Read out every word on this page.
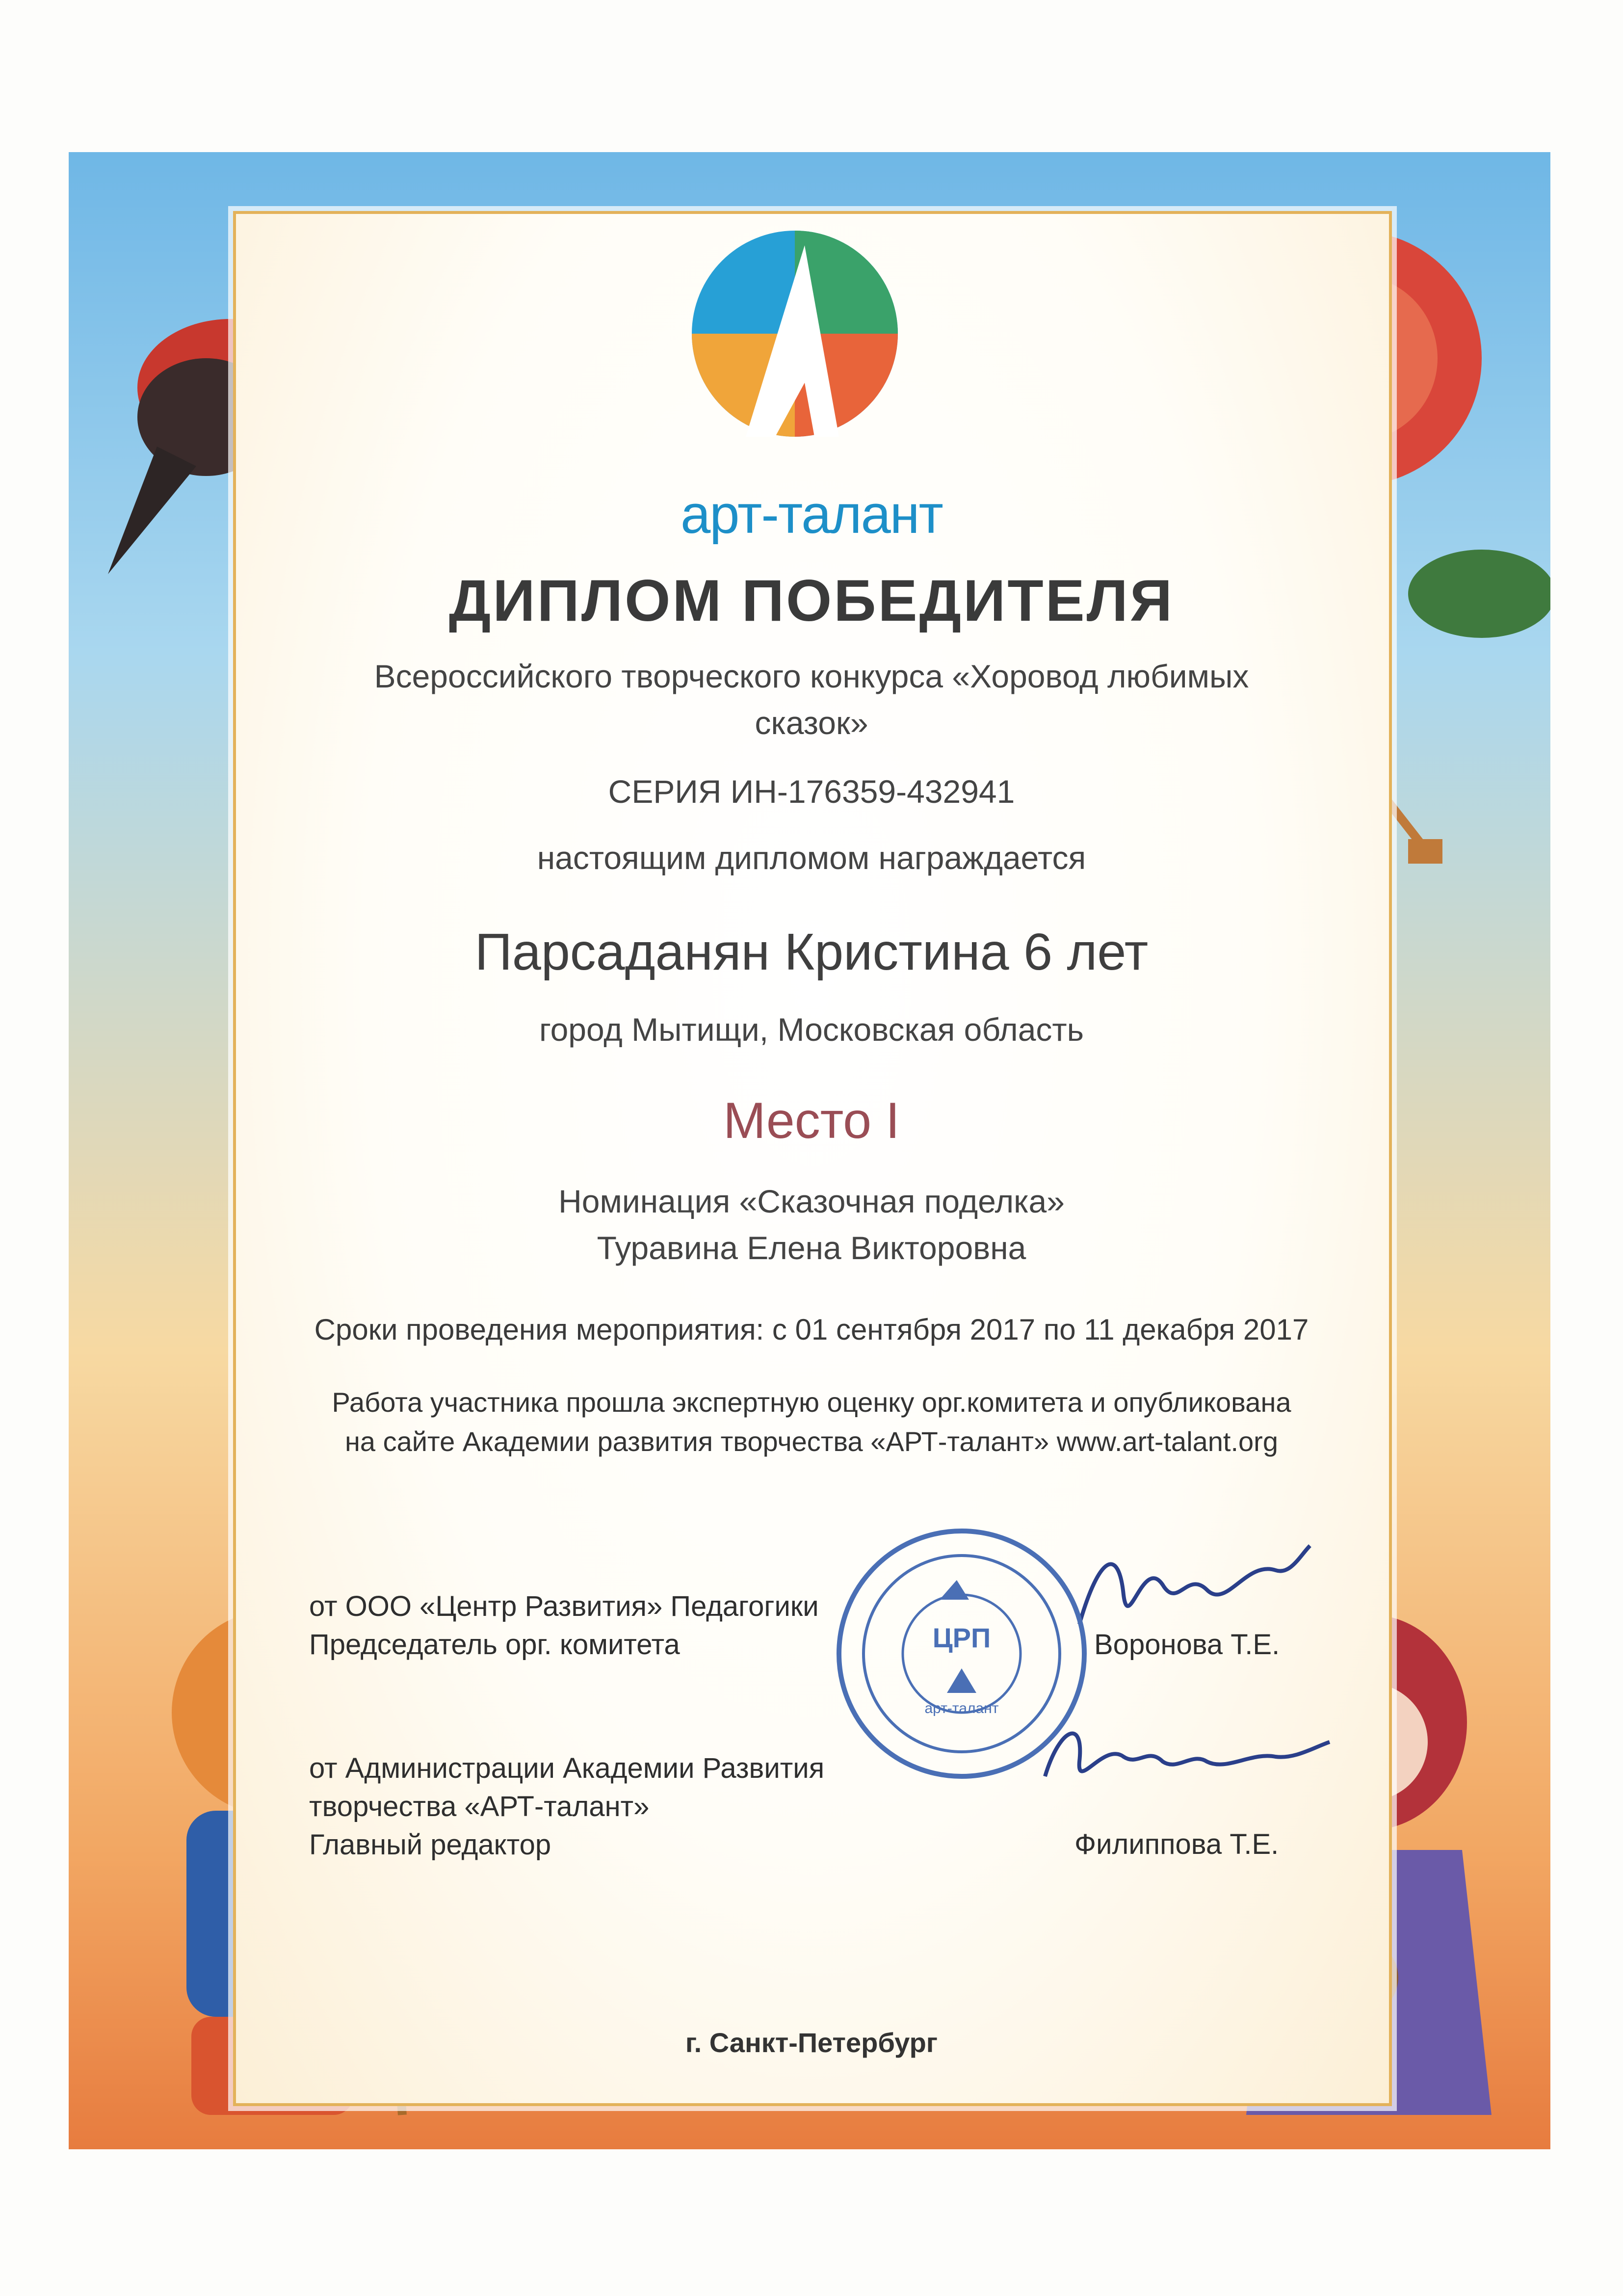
арт-талант
ДИПЛОМ ПОБЕДИТЕЛЯ
Всероссийского творческого конкурса «Хоровод любимых
сказок»
СЕРИЯ ИН-176359-432941
настоящим дипломом награждается
Парсаданян Кристина 6 лет
город Мытищи, Московская область
Место I
Номинация «Сказочная поделка»
Туравина Елена Викторовна
Сроки проведения мероприятия: с 01 сентября 2017 по 11 декабря 2017
Работа участника прошла экспертную оценку орг.комитета и опубликована
на сайте Академии развития творчества «АРТ-талант» www.art-talant.org
от ООО «Центр Развития» Педагогики
Председатель орг. комитета	Воронова Т.Е.
от Администрации Академии Развития
творчества «АРТ-талант»
Главный редактор	Филиппова Т.Е.
ЦРП
арт-талант
г. Санкт-Петербург
